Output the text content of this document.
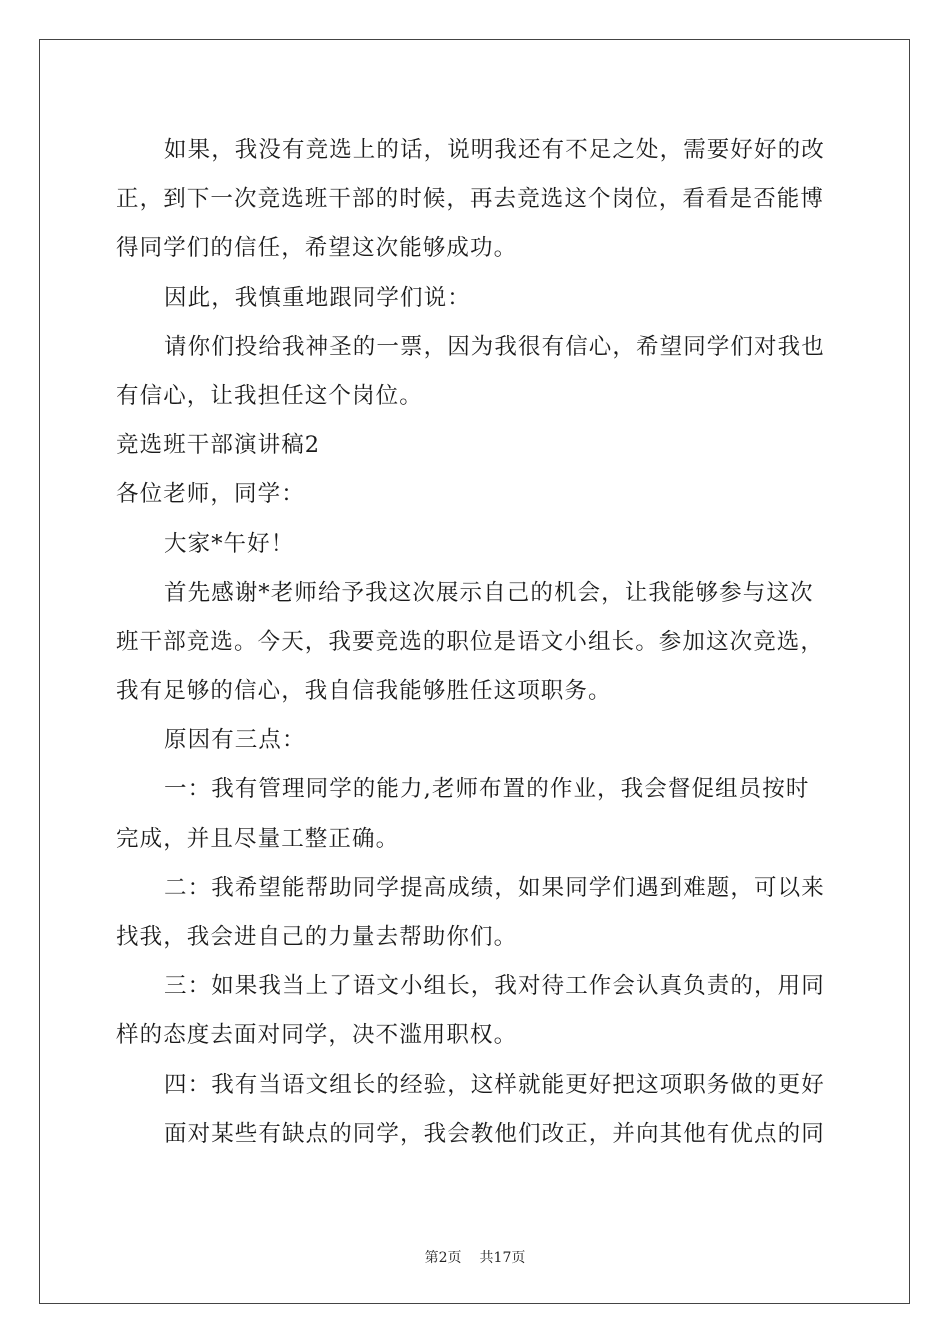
如果，我没有竞选上的话，说明我还有不足之处，需要好好的改
正，到下一次竞选班干部的时候，再去竞选这个岗位，看看是否能博
得同学们的信任，希望这次能够成功。
因此，我慎重地跟同学们说：
请你们投给我神圣的一票，因为我很有信心，希望同学们对我也
有信心，让我担任这个岗位。
竞选班干部演讲稿2
各位老师，同学：
大家*午好！
首先感谢*老师给予我这次展示自己的机会，让我能够参与这次
班干部竞选。今天，我要竞选的职位是语文小组长。参加这次竞选，
我有足够的信心，我自信我能够胜任这项职务。
原因有三点：
一：我有管理同学的能力,老师布置的作业，我会督促组员按时
完成，并且尽量工整正确。
二：我希望能帮助同学提高成绩，如果同学们遇到难题，可以来
找我，我会进自己的力量去帮助你们。
三：如果我当上了语文小组长，我对待工作会认真负责的，用同
样的态度去面对同学，决不滥用职权。
四：我有当语文组长的经验，这样就能更好把这项职务做的更好
面对某些有缺点的同学，我会教他们改正，并向其他有优点的同
第2页 共17页
